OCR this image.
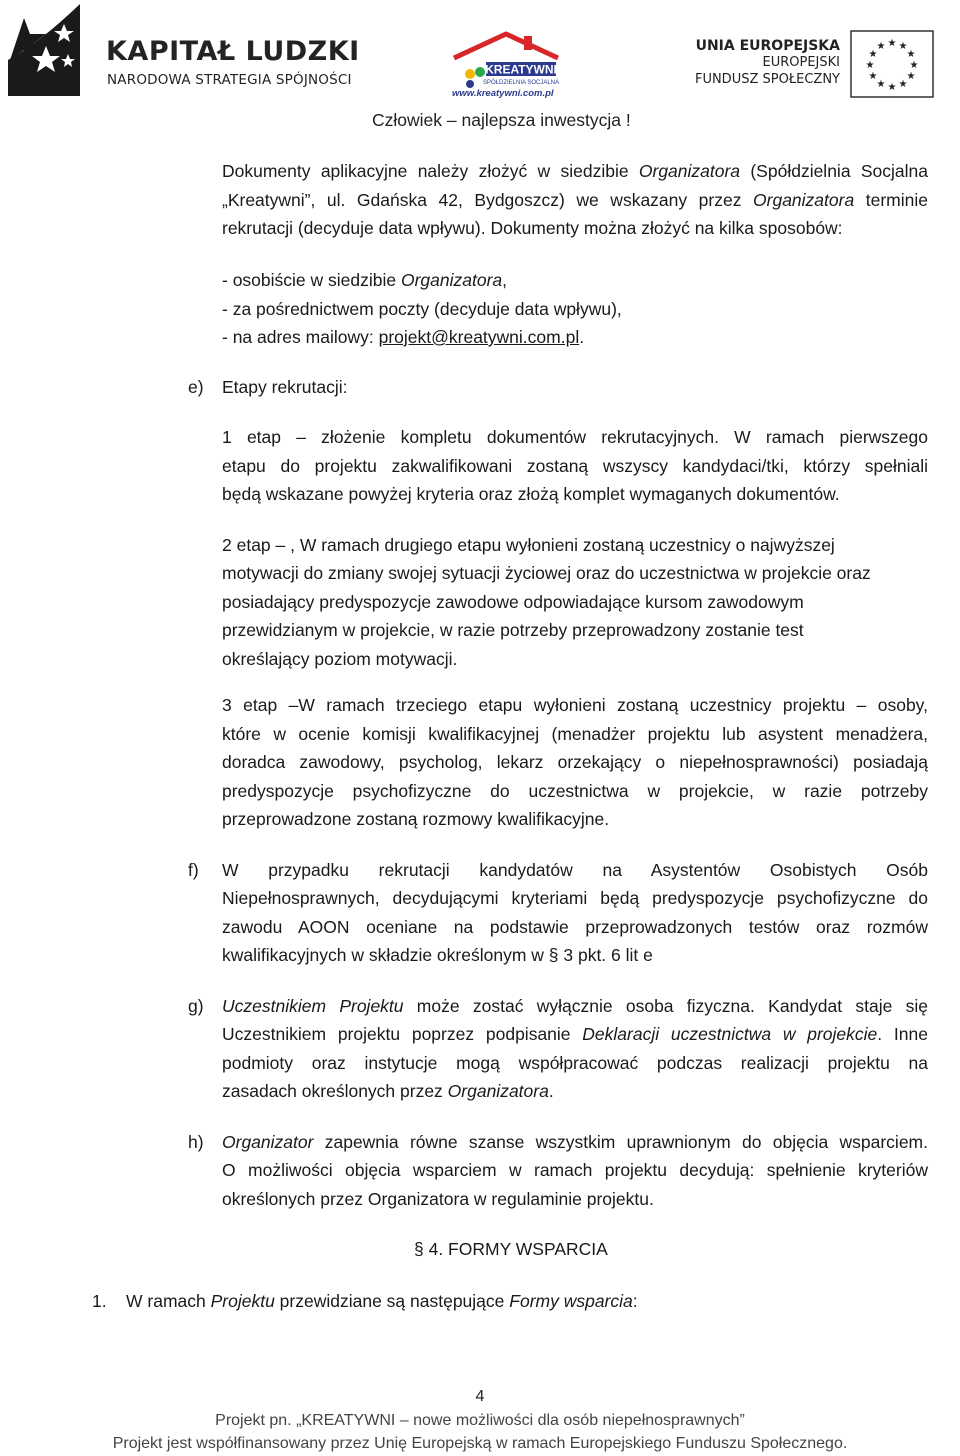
KAPITAŁ LUDZKI
NARODOWA STRATEGIA SPÓJNOŚCI
KREATYWNI
SPÓŁDZIELNIA SOCJALNA
www.kreatywni.com.pl
UNIA EUROPEJSKA
EUROPEJSKI
FUNDUSZ SPOŁECZNY
★ ★
★
★
★
★
★
★
★
★
★
★
Człowiek – najlepsza inwestycja !
Dokumenty aplikacyjne należy złożyć w siedzibie Organizatora (Spółdzielnia Socjalna
„Kreatywni”, ul. Gdańska 42, Bydgoszcz) we wskazany przez Organizatora terminie
rekrutacji (decyduje data wpływu). Dokumenty można złożyć na kilka sposobów:
- osobiście w siedzibie Organizatora,
- za pośrednictwem poczty (decyduje data wpływu),
- na adres mailowy: projekt@kreatywni.com.pl.
e) Etapy rekrutacji:
1 etap – złożenie kompletu dokumentów rekrutacyjnych. W ramach pierwszego
etapu do projektu zakwalifikowani zostaną wszyscy kandydaci/tki, którzy spełniali
będą wskazane powyżej kryteria oraz złożą komplet wymaganych dokumentów.
2 etap – , W ramach drugiego etapu wyłonieni zostaną uczestnicy o najwyższej
motywacji do zmiany swojej sytuacji życiowej oraz do uczestnictwa w projekcie oraz
posiadający predyspozycje zawodowe odpowiadające kursom zawodowym
przewidzianym w projekcie, w razie potrzeby przeprowadzony zostanie test
określający poziom motywacji.
3 etap –W ramach trzeciego etapu wyłonieni zostaną uczestnicy projektu – osoby,
które w ocenie komisji kwalifikacyjnej (menadżer projektu lub asystent menadżera,
doradca zawodowy, psycholog, lekarz orzekający o niepełnosprawności) posiadają
predyspozycje psychofizyczne do uczestnictwa w projekcie, w razie potrzeby
przeprowadzone zostaną rozmowy kwalifikacyjne.
f) W przypadku rekrutacji kandydatów na Asystentów Osobistych Osób
Niepełnosprawnych, decydującymi kryteriami będą predyspozycje psychofizyczne do
zawodu AOON oceniane na podstawie przeprowadzonych testów oraz rozmów
kwalifikacyjnych w składzie określonym w § 3 pkt. 6 lit e
g) Uczestnikiem Projektu może zostać wyłącznie osoba fizyczna. Kandydat staje się
Uczestnikiem projektu poprzez podpisanie Deklaracji uczestnictwa w projekcie. Inne
podmioty oraz instytucje mogą współpracować podczas realizacji projektu na
zasadach określonych przez Organizatora.
h) Organizator zapewnia równe szanse wszystkim uprawnionym do objęcia wsparciem.
O możliwości objęcia wsparciem w ramach projektu decydują: spełnienie kryteriów
określonych przez Organizatora w regulaminie projektu.
§ 4. FORMY WSPARCIA
1. W ramach Projektu przewidziane są następujące Formy wsparcia:
4
Projekt pn. „KREATYWNI – nowe możliwości dla osób niepełnosprawnych”
Projekt jest współfinansowany przez Unię Europejską w ramach Europejskiego Funduszu Społecznego.
